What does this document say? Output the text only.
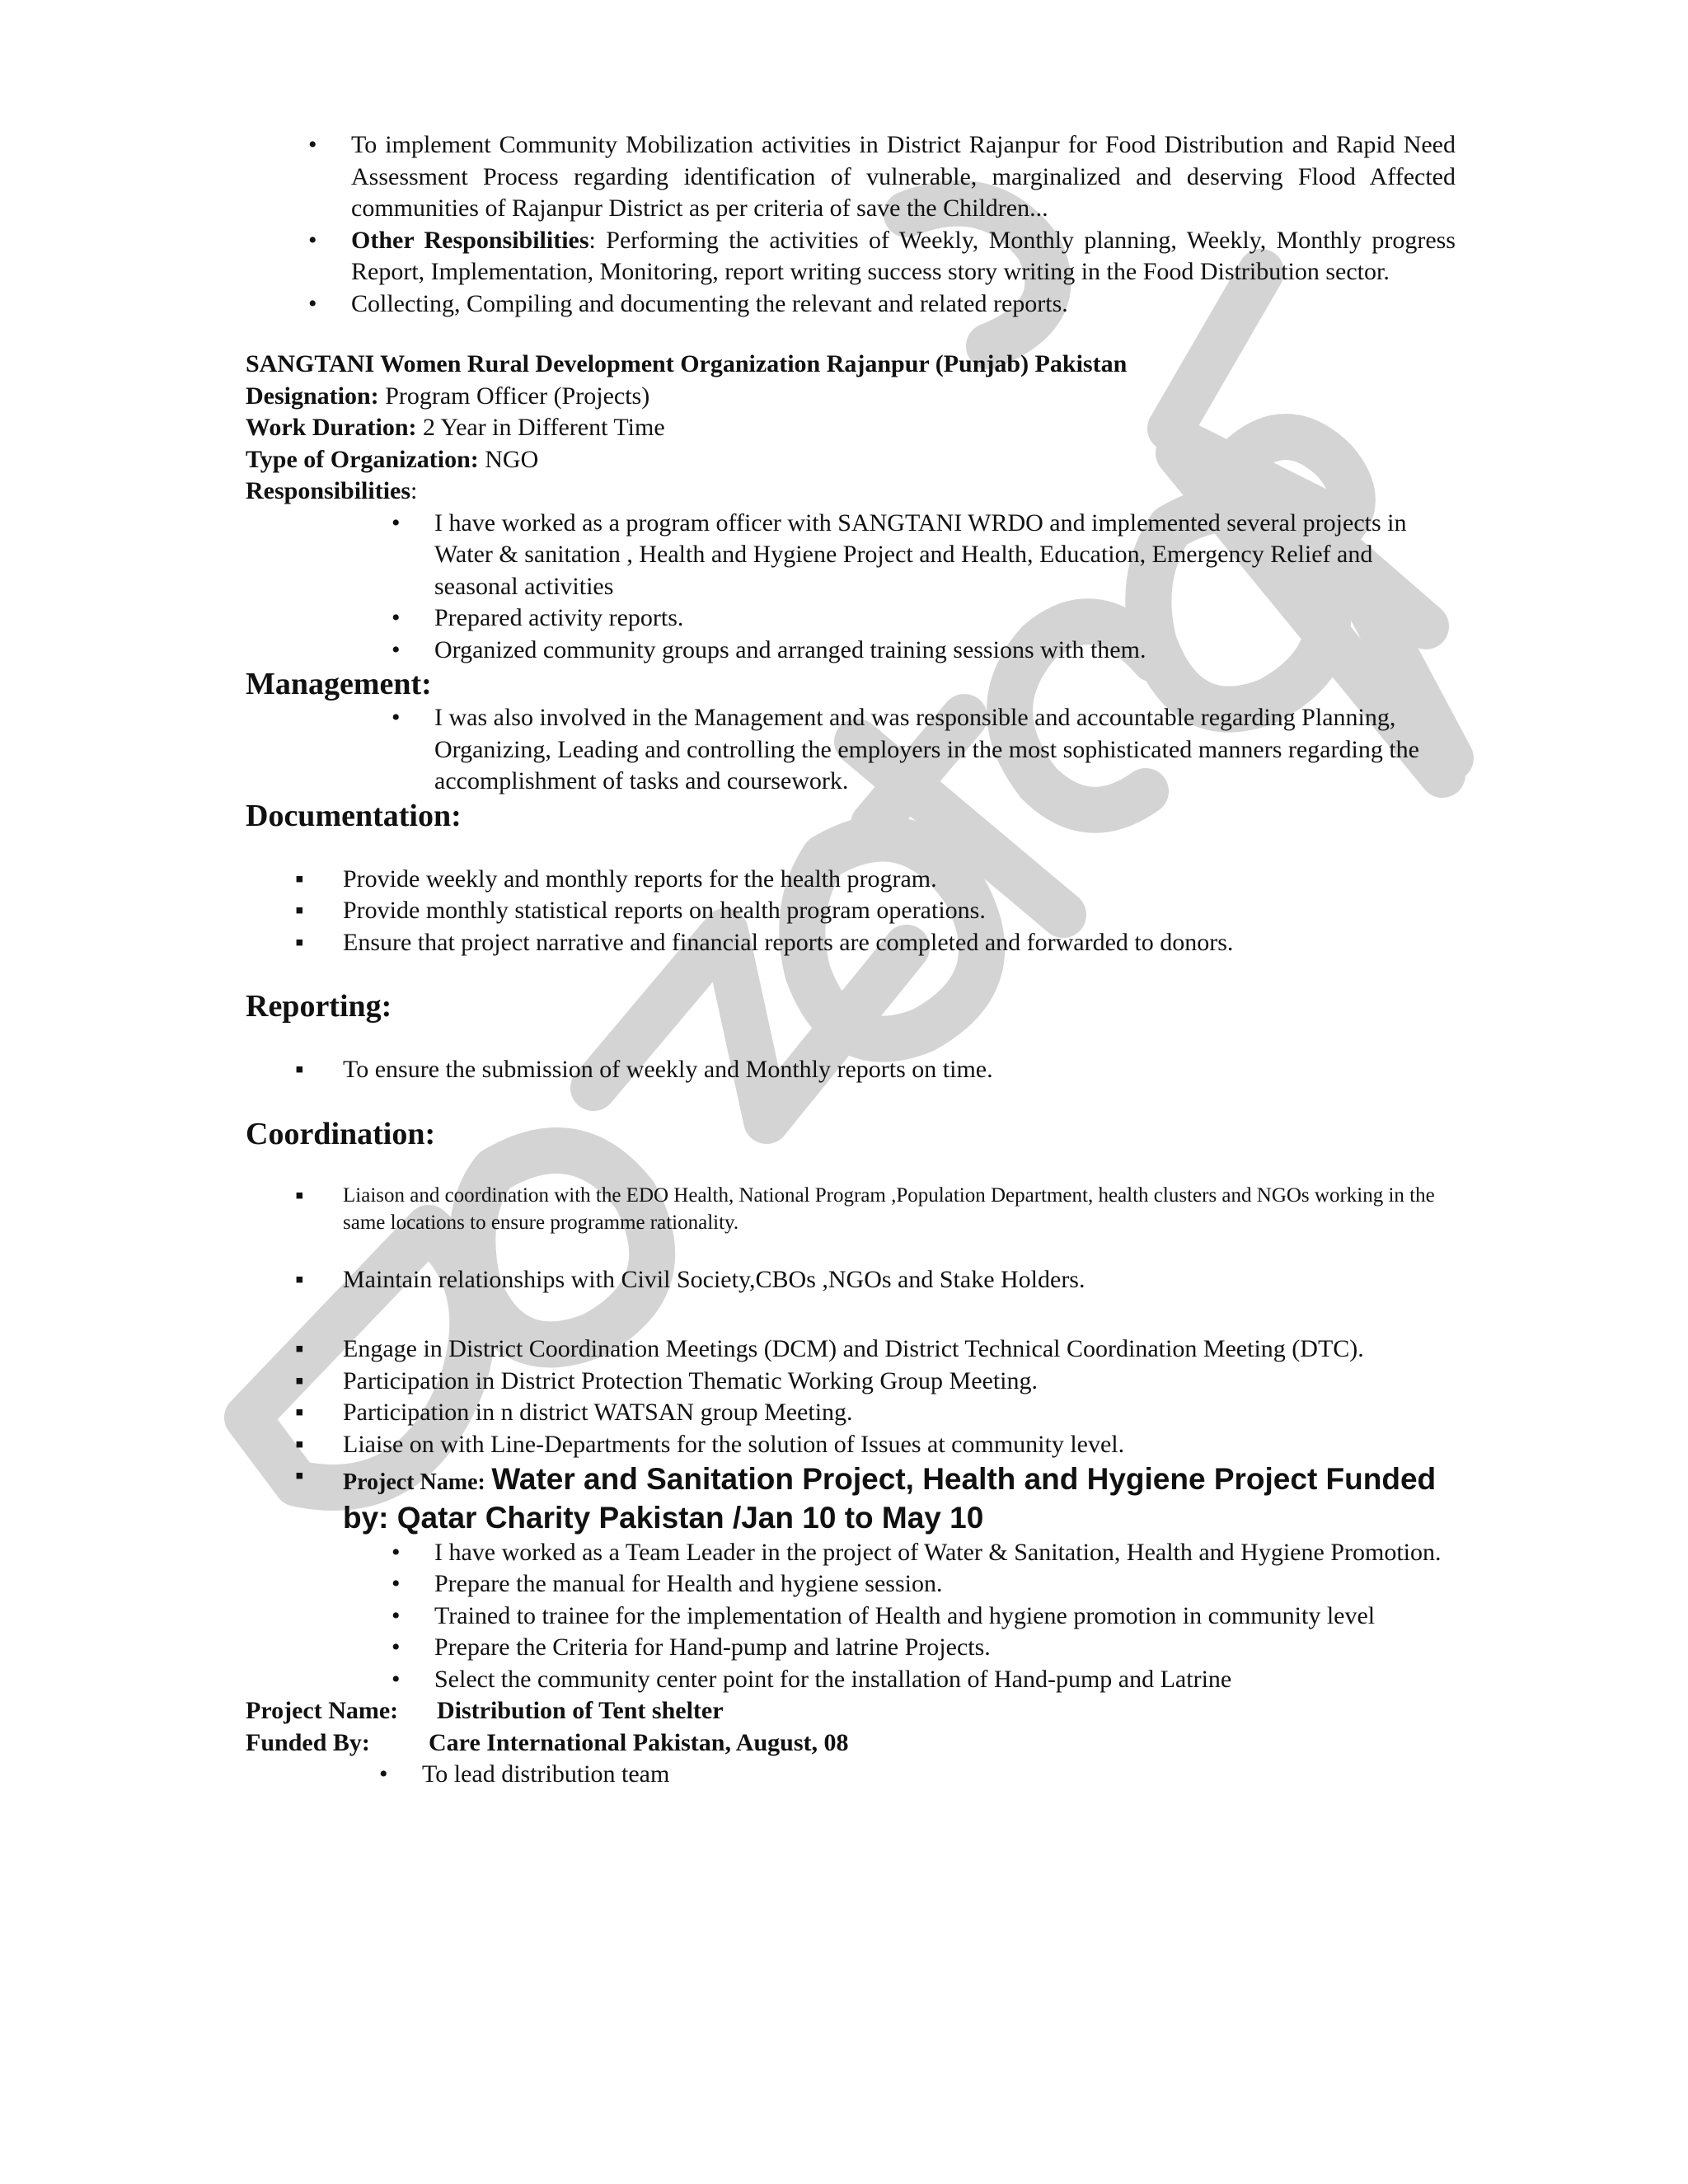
• To implement Community Mobilization activities in District Rajanpur for Food Distribution and Rapid Need Assessment Process regarding identification of vulnerable, marginalized and deserving Flood Affected communities of Rajanpur District as per criteria of save the Children...
• Other Responsibilities: Performing the activities of Weekly, Monthly planning, Weekly, Monthly progress Report, Implementation, Monitoring, report writing success story writing in the Food Distribution sector.
• Collecting, Compiling and documenting the relevant and related reports.
SANGTANI Women Rural Development Organization Rajanpur (Punjab) Pakistan
Designation: Program Officer (Projects)
Work Duration: 2 Year in Different Time
Type of Organization: NGO
Responsibilities:
• I have worked as a program officer with SANGTANI WRDO and implemented several projects in Water & sanitation , Health and Hygiene Project and Health, Education, Emergency Relief and seasonal activities
• Prepared activity reports.
• Organized community groups and arranged training sessions with them.
Management:
• I was also involved in the Management and was responsible and accountable regarding Planning, Organizing, Leading and controlling the employers in the most sophisticated manners regarding the accomplishment of tasks and coursework.
Documentation:
▪ Provide weekly and monthly reports for the health program.
▪ Provide monthly statistical reports on health program operations.
▪ Ensure that project narrative and financial reports are completed and forwarded to donors.
Reporting:
▪ To ensure the submission of weekly and Monthly reports on time.
Coordination:
▪ Liaison and coordination with the EDO Health, National Program ,Population Department, health clusters and NGOs working in the same locations to ensure programme rationality.
▪ Maintain relationships with Civil Society,CBOs ,NGOs and Stake Holders.
▪ Engage in District Coordination Meetings (DCM) and District Technical Coordination Meeting (DTC).
▪ Participation in District Protection Thematic Working Group Meeting.
▪ Participation in n district WATSAN group Meeting.
▪ Liaise on with Line-Departments for the solution of Issues at community level.
▪ Project Name: Water and Sanitation Project, Health and Hygiene Project Funded
by: Qatar Charity Pakistan /Jan 10 to May 10
• I have worked as a Team Leader in the project of Water & Sanitation, Health and Hygiene Promotion.
• Prepare the manual for Health and hygiene session.
• Trained to trainee for the implementation of Health and hygiene promotion in community level
• Prepare the Criteria for Hand-pump and latrine Projects.
• Select the community center point for the installation of Hand-pump and Latrine
Project Name:	Distribution of Tent shelter
Funded By:	Care International Pakistan, August, 08
• To lead distribution team
